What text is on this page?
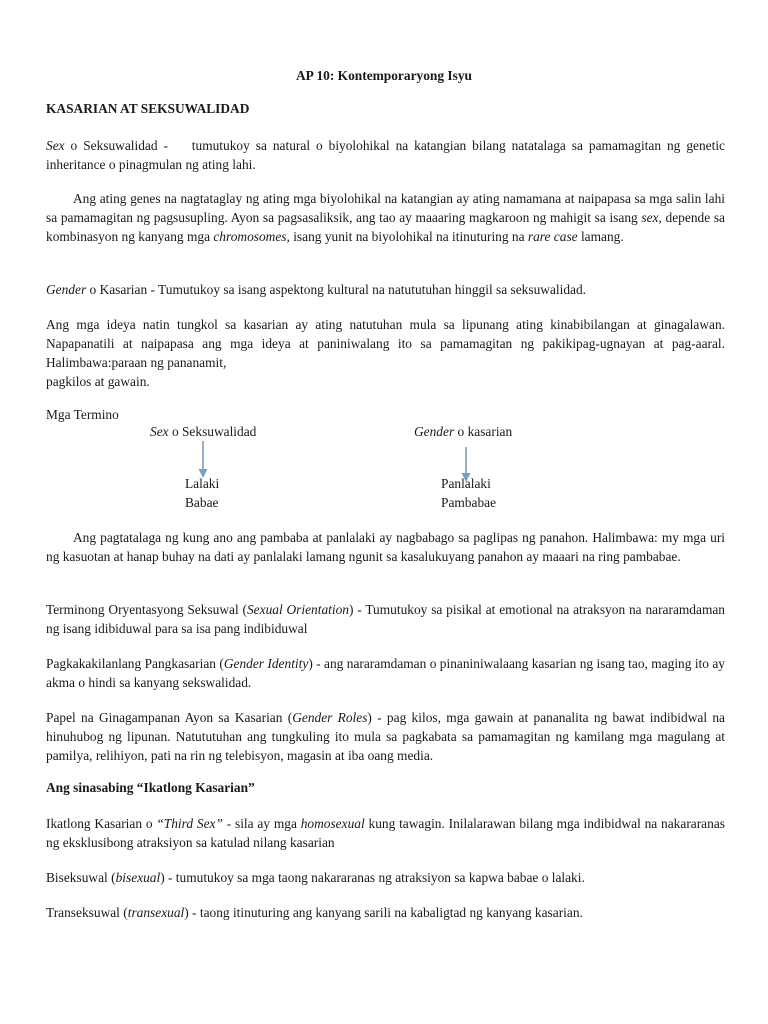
AP 10: Kontemporaryong Isyu

KASARIAN AT SEKSUWALIDAD

Sex o Seksuwalidad -    tumutukoy sa natural o biyolohikal na katangian bilang natatalaga sa pamamagitan ng genetic inheritance o pinagmulan ng ating lahi.

Ang ating genes na nagtataglay ng ating mga biyolohikal na katangian ay ating namamana at naipapasa sa mga salin lahi sa pamamagitan ng pagsusupling. Ayon sa pagsasaliksik, ang tao ay maaaring magkaroon ng mahigit sa isang sex, depende sa kombinasyon ng kanyang mga chromosomes, isang yunit na biyolohikal na itinuturing na rare case lamang.

Gender o Kasarian - Tumutukoy sa isang aspektong kultural na natututuhan hinggil sa seksuwalidad.

Ang mga ideya natin tungkol sa kasarian ay ating natutuhan mula sa lipunang ating kinabibilangan at ginagalawan. Napapanatili at naipapasa ang mga ideya at paniniwalang ito sa pamamagitan ng pakikipag-ugnayan at pag-aaral. Halimbawa:paraan ng pananamit,
pagkilos at gawain.

Mga Termino

Sex o Seksuwalidad	Gender o kasarian

Lalaki

Babae

Panlalaki

Pambabae

Ang pagtatalaga ng kung ano ang pambaba at panlalaki ay nagbabago sa paglipas ng panahon. Halimbawa: my mga uri ng kasuotan at hanap buhay na dati ay panlalaki lamang ngunit sa kasalukuyang panahon ay maaari na ring pambabae.

Terminong Oryentasyong Seksuwal (Sexual Orientation) - Tumutukoy sa pisikal at emotional na atraksyon na nararamdaman ng isang idibiduwal para sa isa pang indibiduwal

Pagkakakilanlang Pangkasarian (Gender Identity) - ang nararamdaman o pinaniniwalaang kasarian ng isang tao, maging ito ay akma o hindi sa kanyang sekswalidad.

Papel na Ginagampanan Ayon sa Kasarian (Gender Roles) - pag kilos, mga gawain at pananalita ng bawat indibidwal na hinuhubog ng lipunan. Natututuhan ang tungkuling ito mula sa pagkabata sa pamamagitan ng kamilang mga magulang at pamilya, relihiyon, pati na rin ng telebisyon, magasin at iba oang media.

Ang sinasabing “Ikatlong Kasarian”

Ikatlong Kasarian o “Third Sex” - sila ay mga homosexual kung tawagin. Inilalarawan bilang mga indibidwal na nakararanas ng eksklusibong atraksiyon sa katulad nilang kasarian

Biseksuwal (bisexual) - tumutukoy sa mga taong nakararanas ng atraksiyon sa kapwa babae o lalaki.

Transeksuwal (transexual) - taong itinuturing ang kanyang sarili na kabaligtad ng kanyang kasarian.
